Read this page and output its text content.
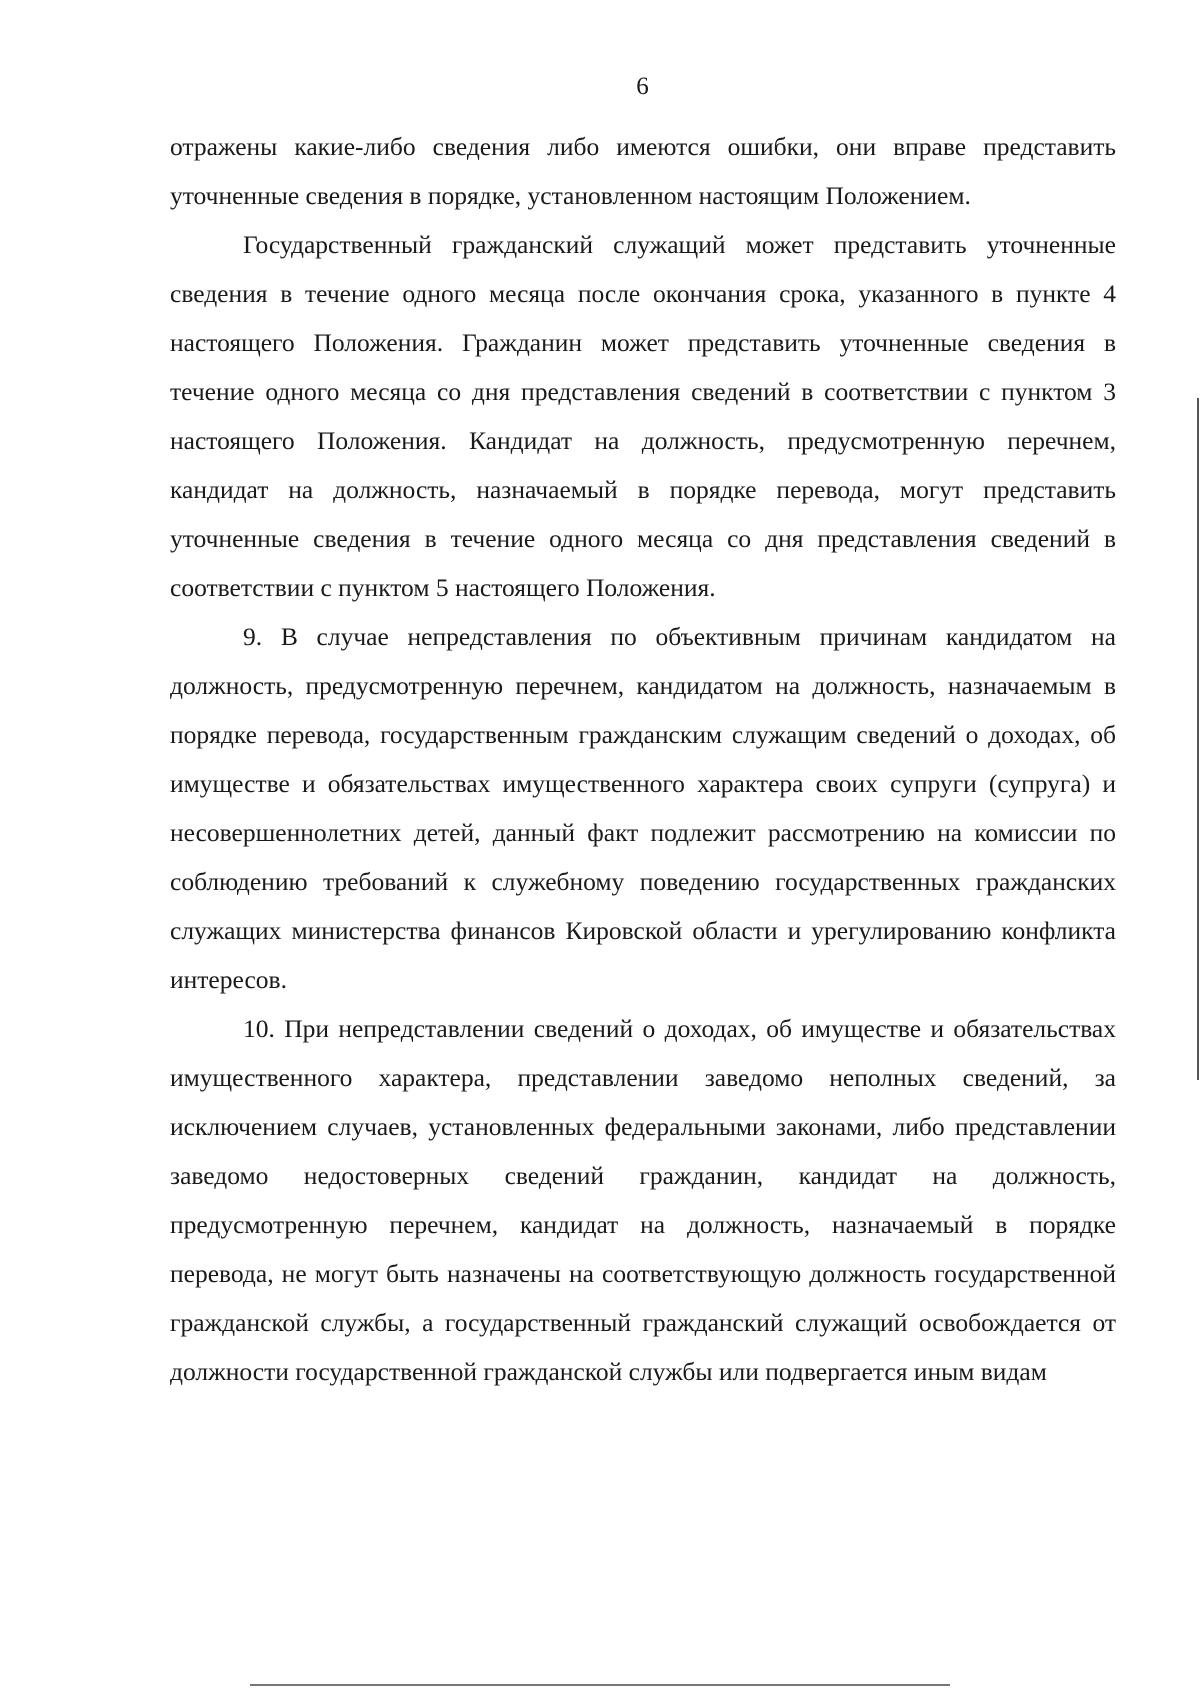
6

отражены какие-либо сведения либо имеются ошибки, они вправе представить уточненные сведения в порядке, установленном настоящим Положением.

Государственный гражданский служащий может представить уточненные сведения в течение одного месяца после окончания срока, указанного в пункте 4 настоящего Положения. Гражданин может представить уточненные сведения в течение одного месяца со дня представления сведений в соответствии с пунктом 3 настоящего Положения. Кандидат на должность, предусмотренную перечнем, кандидат на должность, назначаемый в порядке перевода, могут представить уточненные сведения в течение одного месяца со дня представления сведений в соответствии с пунктом 5 настоящего Положения.

9. В случае непредставления по объективным причинам кандидатом на должность, предусмотренную перечнем, кандидатом на должность, назначаемым в порядке перевода, государственным гражданским служащим сведений о доходах, об имуществе и обязательствах имущественного характера своих супруги (супруга) и несовершеннолетних детей, данный факт подлежит рассмотрению на комиссии по соблюдению требований к служебному поведению государственных гражданских служащих министерства финансов Кировской области и урегулированию конфликта интересов.

10. При непредставлении сведений о доходах, об имуществе и обязательствах имущественного характера, представлении заведомо неполных сведений, за исключением случаев, установленных федеральными законами, либо представлении заведомо недостоверных сведений гражданин, кандидат на должность, предусмотренную перечнем, кандидат на должность, назначаемый в порядке перевода, не могут быть назначены на соответствующую должность государственной гражданской службы, а государственный гражданский служащий освобождается от должности государственной гражданской службы или подвергается иным видам
